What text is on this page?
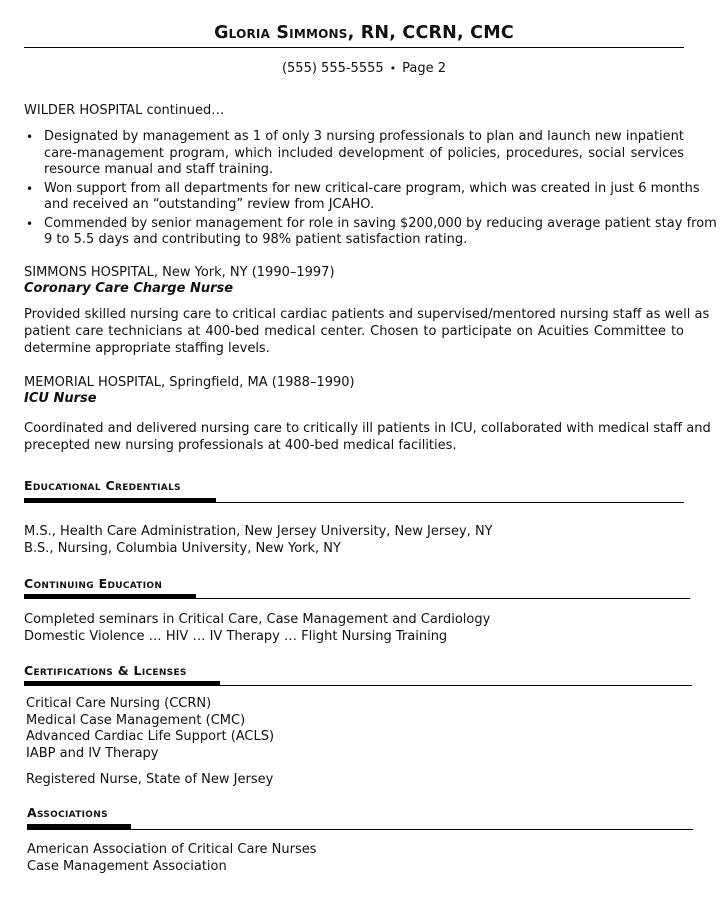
Gloria Simmons, RN, CCRN, CMC
(555) 555-5555 • Page 2
WILDER HOSPITAL continued…
• Designated by management as 1 of only 3 nursing professionals to plan and launch new inpatient
care-management program, which included development of policies, procedures, social services
resource manual and staff training.
• Won support from all departments for new critical-care program, which was created in just 6 months
and received an “outstanding” review from JCAHO.
• Commended by senior management for role in saving $200,000 by reducing average patient stay from
9 to 5.5 days and contributing to 98% patient satisfaction rating.
SIMMONS HOSPITAL, New York, NY (1990–1997)
Coronary Care Charge Nurse
Provided skilled nursing care to critical cardiac patients and supervised/mentored nursing staff as well as
patient care technicians at 400-bed medical center. Chosen to participate on Acuities Committee to
determine appropriate staffing levels.
MEMORIAL HOSPITAL, Springfield, MA (1988–1990)
ICU Nurse
Coordinated and delivered nursing care to critically ill patients in ICU, collaborated with medical staff and
precepted new nursing professionals at 400-bed medical facilities.
Educational Credentials
M.S., Health Care Administration, New Jersey University, New Jersey, NY
B.S., Nursing, Columbia University, New York, NY
Continuing Education
Completed seminars in Critical Care, Case Management and Cardiology
Domestic Violence … HIV … IV Therapy … Flight Nursing Training
Certifications & Licenses
Critical Care Nursing (CCRN)
Medical Case Management (CMC)
Advanced Cardiac Life Support (ACLS)
IABP and IV Therapy
Registered Nurse, State of New Jersey
Associations
American Association of Critical Care Nurses
Case Management Association
